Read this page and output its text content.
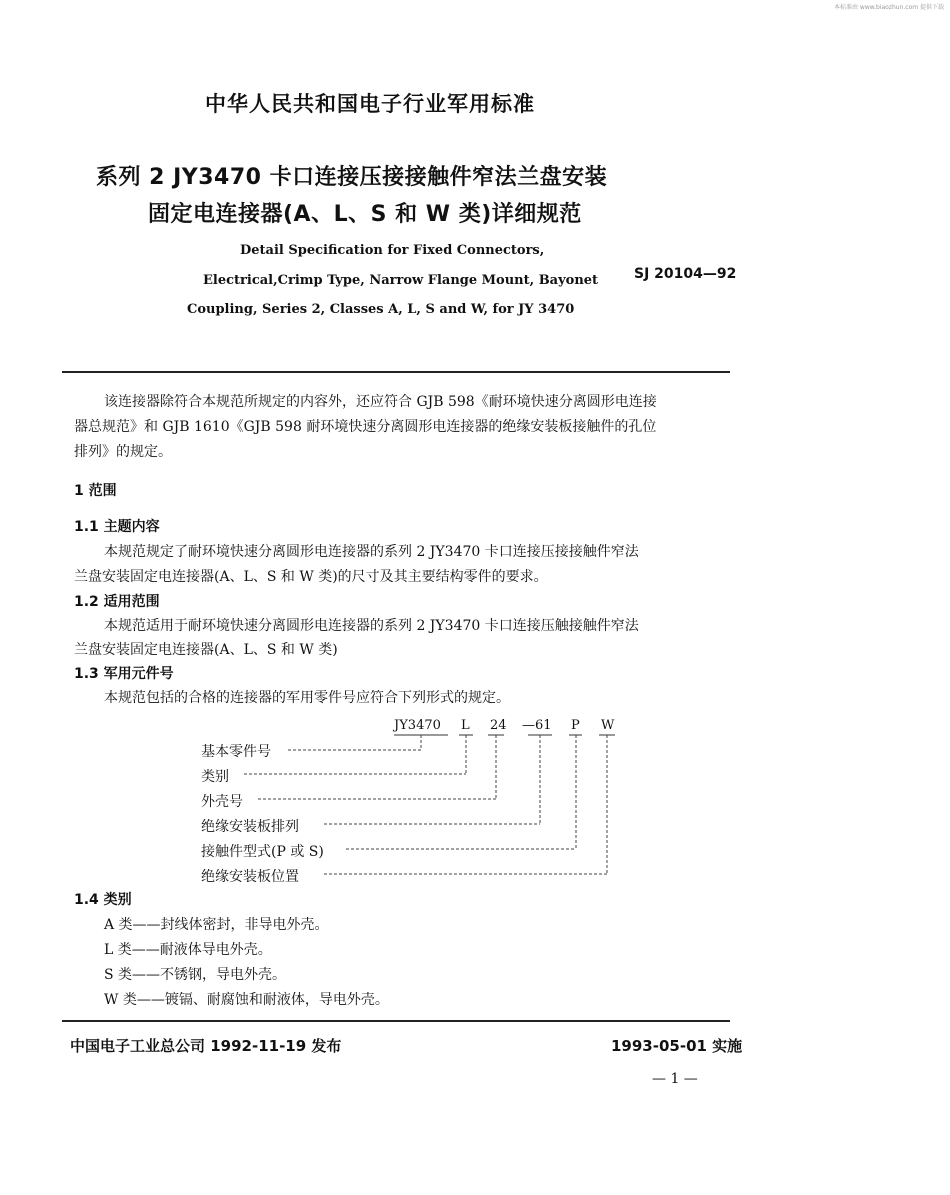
本标准由 www.biaozhun.com 提供下载
中华人民共和国电子行业军用标准
系列 2 JY3470 卡口连接压接接触件窄法兰盘安装
固定电连接器(A、L、S 和 W 类)详细规范
Detail Specification for Fixed Connectors,
Electrical,Crimp Type, Narrow Flange Mount, Bayonet
Coupling, Series 2, Classes A, L, S and W, for JY 3470
SJ 20104—92
该连接器除符合本规范所规定的内容外，还应符合 GJB 598《耐环境快速分离圆形电连接
器总规范》和 GJB 1610《GJB 598 耐环境快速分离圆形电连接器的绝缘安装板接触件的孔位
排列》的规定。
1 范围
1.1 主题内容
本规范规定了耐环境快速分离圆形电连接器的系列 2 JY3470 卡口连接压接接触件窄法
兰盘安装固定电连接器(A、L、S 和 W 类)的尺寸及其主要结构零件的要求。
1.2 适用范围
本规范适用于耐环境快速分离圆形电连接器的系列 2 JY3470 卡口连接压触接触件窄法
兰盘安装固定电连接器(A、L、S 和 W 类)
1.3 军用元件号
本规范包括的合格的连接器的军用零件号应符合下列形式的规定。
JY3470 L 24 —61 P W
基本零件号
类别
外壳号
绝缘安装板排列
接触件型式(P 或 S)
绝缘安装板位置
1.4 类别
A 类——封线体密封，非导电外壳。
L 类——耐液体导电外壳。
S 类——不锈钢，导电外壳。
W 类——镀镉、耐腐蚀和耐液体，导电外壳。
中国电子工业总公司 1992-11-19 发布	1993-05-01 实施
— 1 —
